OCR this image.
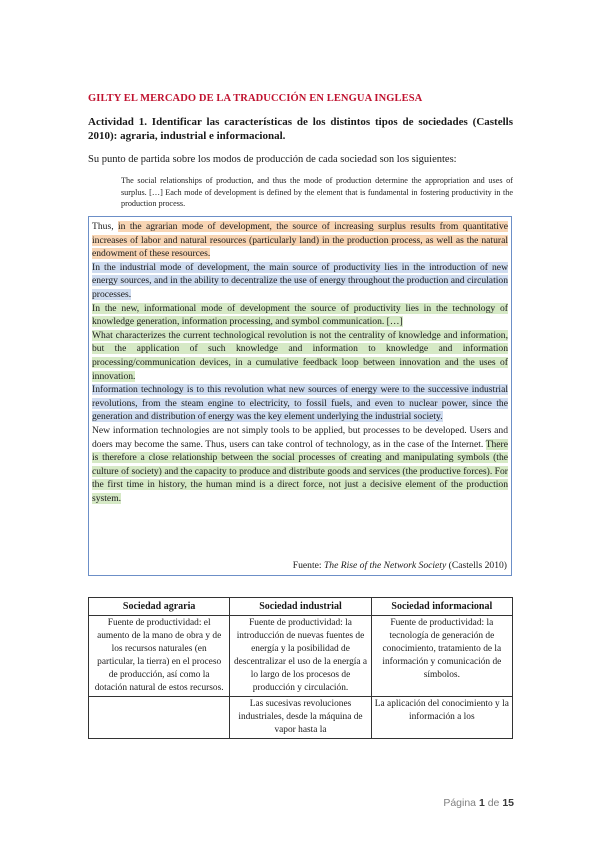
GILTY EL MERCADO DE LA TRADUCCIÓN EN LENGUA INGLESA
Actividad 1. Identificar las características de los distintos tipos de sociedades (Castells 2010): agraria, industrial e informacional.
Su punto de partida sobre los modos de producción de cada sociedad son los siguientes:
The social relationships of production, and thus the mode of production determine the appropriation and uses of surplus. […] Each mode of development is defined by the element that is fundamental in fostering productivity in the production process.

Thus, in the agrarian mode of development, the source of increasing surplus results from quantitative increases of labor and natural resources (particularly land) in the production process, as well as the natural endowment of these resources.

In the industrial mode of development, the main source of productivity lies in the introduction of new energy sources, and in the ability to decentralize the use of energy throughout the production and circulation processes.

In the new, informational mode of development the source of productivity lies in the technology of knowledge generation, information processing, and symbol communication. […]

What characterizes the current technological revolution is not the centrality of knowledge and information, but the application of such knowledge and information to knowledge and information processing/communication devices, in a cumulative feedback loop between innovation and the uses of innovation.

Information technology is to this revolution what new sources of energy were to the successive industrial revolutions, from the steam engine to electricity, to fossil fuels, and even to nuclear power, since the generation and distribution of energy was the key element underlying the industrial society.

New information technologies are not simply tools to be applied, but processes to be developed. Users and doers may become the same. Thus, users can take control of technology, as in the case of the Internet. There is therefore a close relationship between the social processes of creating and manipulating symbols (the culture of society) and the capacity to produce and distribute goods and services (the productive forces). For the first time in history, the human mind is a direct force, not just a decisive element of the production system.

Fuente: The Rise of the Network Society (Castells 2010)
Sociedad agraria	Sociedad industrial	Sociedad informacional
Fuente de productividad: el aumento de la mano de obra y de los recursos naturales (en particular, la tierra) en el proceso de producción, así como la dotación natural de estos recursos.	Fuente de productividad: la introducción de nuevas fuentes de energía y la posibilidad de descentralizar el uso de la energía a lo largo de los procesos de producción y circulación.	Fuente de productividad: la tecnología de generación de conocimiento, tratamiento de la información y comunicación de símbolos.
	Las sucesivas revoluciones industriales, desde la máquina de vapor hasta la	La aplicación del conocimiento y la información a los
Página 1 de 15
